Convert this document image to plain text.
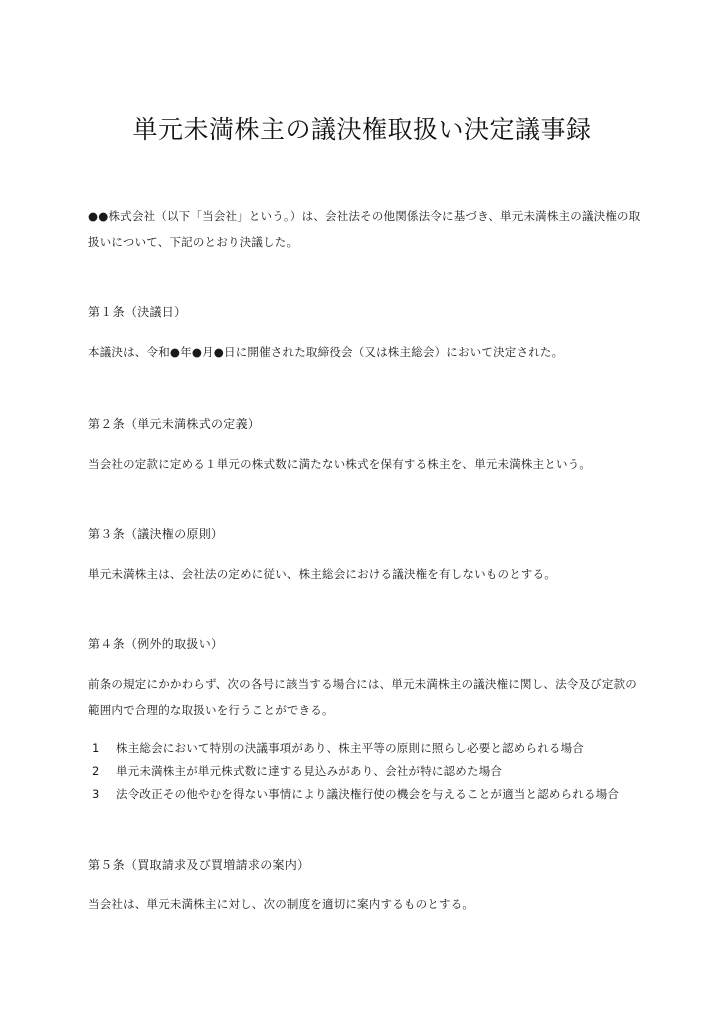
単元未満株主の議決権取扱い決定議事録

●●株式会社（以下「当会社」という。）は、会社法その他関係法令に基づき、単元未満株主の議決権の取扱いについて、下記のとおり決議した。

第１条（決議日）

本議決は、令和●年●月●日に開催された取締役会（又は株主総会）において決定された。

第２条（単元未満株式の定義）

当会社の定款に定める１単元の株式数に満たない株式を保有する株主を、単元未満株主という。

第３条（議決権の原則）

単元未満株主は、会社法の定めに従い、株主総会における議決権を有しないものとする。

第４条（例外的取扱い）

前条の規定にかかわらず、次の各号に該当する場合には、単元未満株主の議決権に関し、法令及び定款の範囲内で合理的な取扱いを行うことができる。

1	株主総会において特別の決議事項があり、株主平等の原則に照らし必要と認められる場合
2	単元未満株主が単元株式数に達する見込みがあり、会社が特に認めた場合
3	法令改正その他やむを得ない事情により議決権行使の機会を与えることが適当と認められる場合
第５条（買取請求及び買増請求の案内）

当会社は、単元未満株主に対し、次の制度を適切に案内するものとする。
